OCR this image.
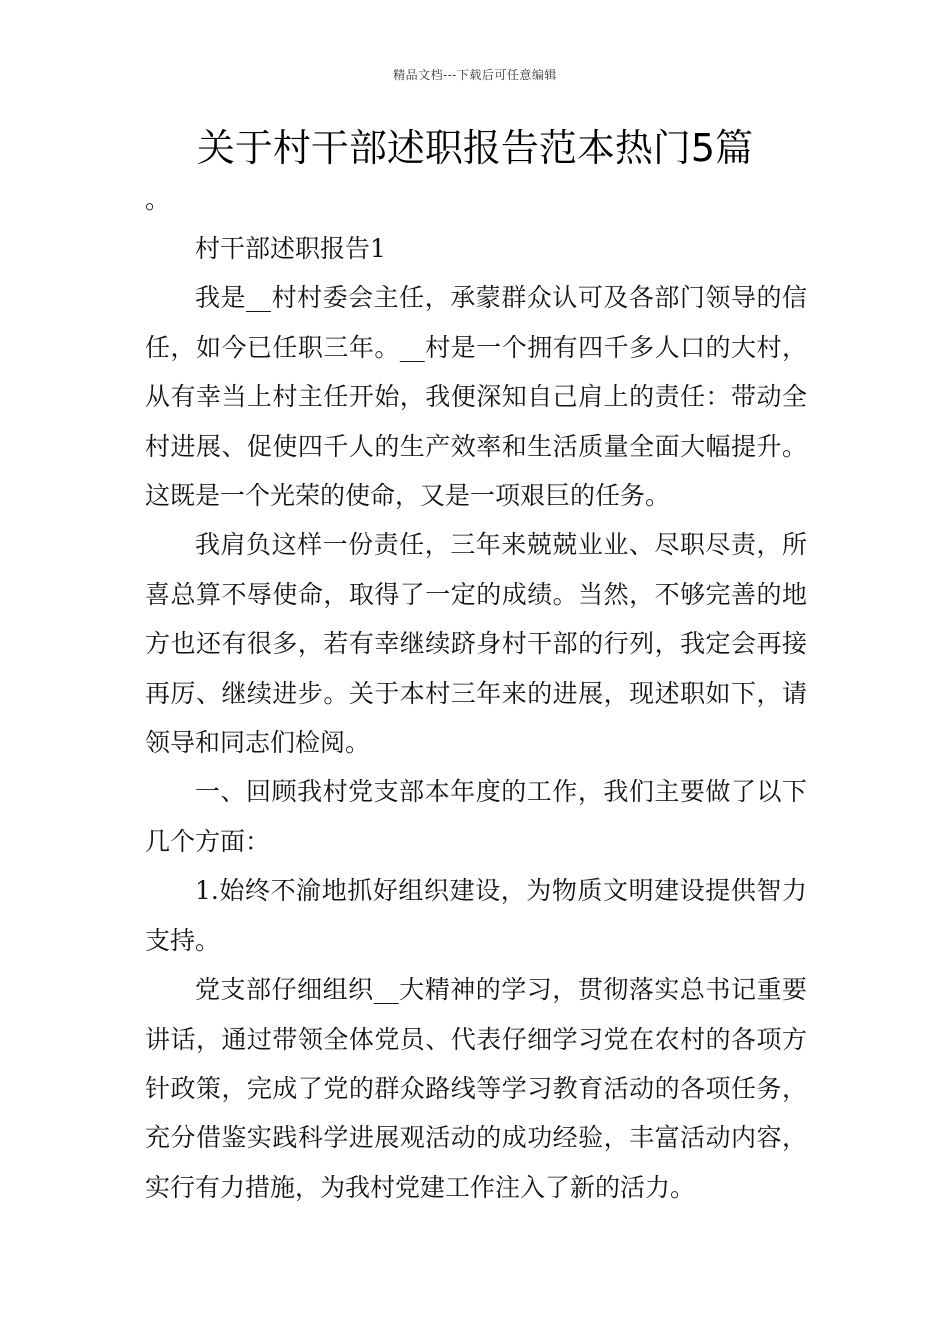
精品文档---下载后可任意编辑
关于村干部述职报告范本热门5篇

。

村干部述职报告1

我是__村村委会主任，承蒙群众认可及各部门领导的信任，如今已任职三年。__村是一个拥有四千多人口的大村，从有幸当上村主任开始，我便深知自己肩上的责任：带动全村进展、促使四千人的生产效率和生活质量全面大幅提升。这既是一个光荣的使命，又是一项艰巨的任务。

我肩负这样一份责任，三年来兢兢业业、尽职尽责，所喜总算不辱使命，取得了一定的成绩。当然，不够完善的地方也还有很多，若有幸继续跻身村干部的行列，我定会再接再厉、继续进步。关于本村三年来的进展，现述职如下，请领导和同志们检阅。

一、回顾我村党支部本年度的工作，我们主要做了以下几个方面：

1.始终不渝地抓好组织建设，为物质文明建设提供智力支持。

党支部仔细组织__大精神的学习，贯彻落实总书记重要讲话，通过带领全体党员、代表仔细学习党在农村的各项方针政策，完成了党的群众路线等学习教育活动的各项任务，充分借鉴实践科学进展观活动的成功经验，丰富活动内容，实行有力措施，为我村党建工作注入了新的活力。
